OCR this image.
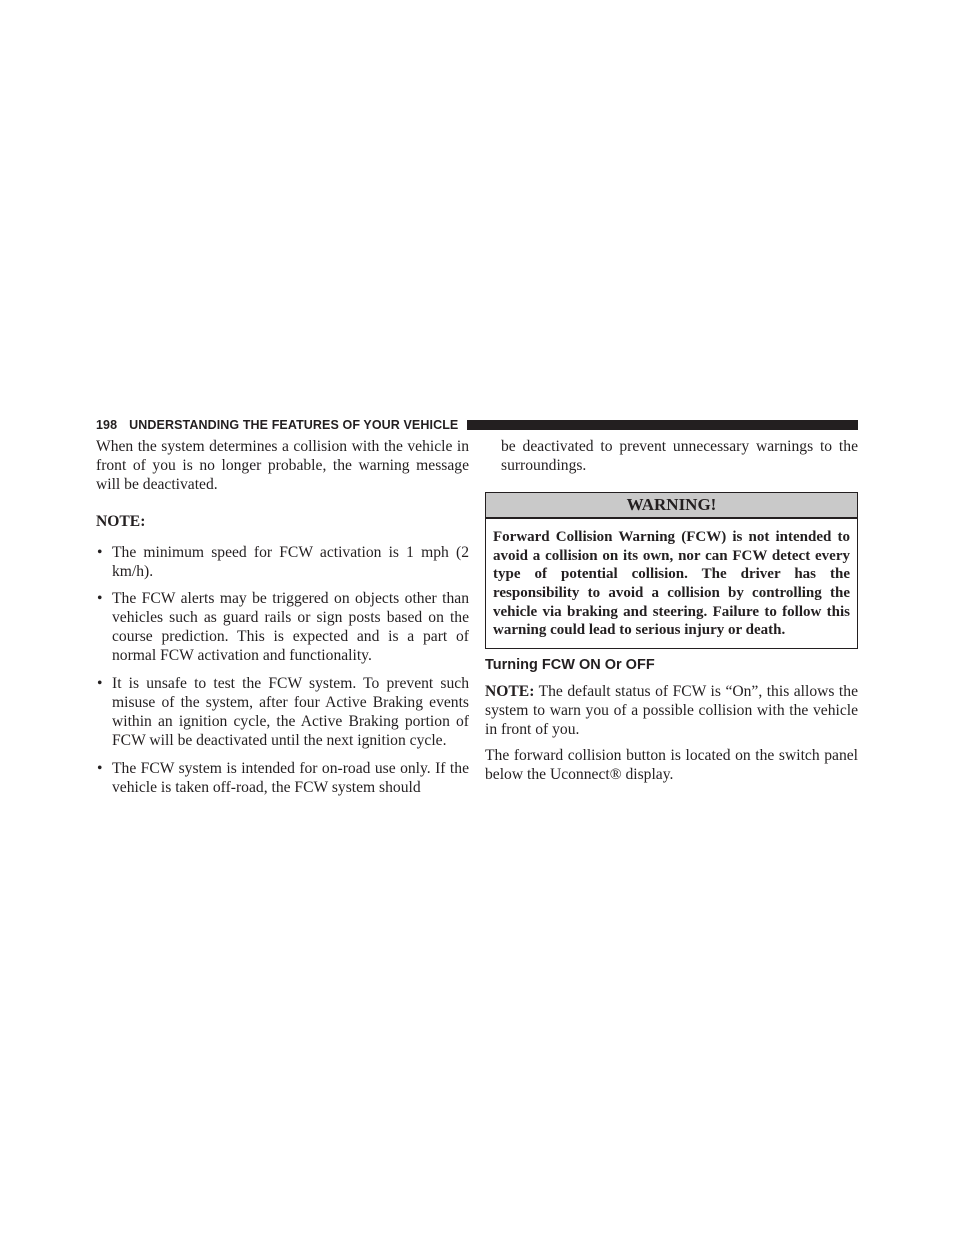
198 UNDERSTANDING THE FEATURES OF YOUR VEHICLE

When the system determines a collision with the vehicle in front of you is no longer probable, the warning message will be deactivated.

NOTE:

• The minimum speed for FCW activation is 1 mph (2 km/h).
• The FCW alerts may be triggered on objects other than vehicles such as guard rails or sign posts based on the course prediction. This is expected and is a part of normal FCW activation and functionality.
• It is unsafe to test the FCW system. To prevent such misuse of the system, after four Active Braking events within an ignition cycle, the Active Braking portion of FCW will be deactivated until the next ignition cycle.
• The FCW system is intended for on-road use only. If the vehicle is taken off-road, the FCW system should

be deactivated to prevent unnecessary warnings to the surroundings.

WARNING!
Forward Collision Warning (FCW) is not intended to avoid a collision on its own, nor can FCW detect every type of potential collision. The driver has the responsibility to avoid a collision by controlling the vehicle via braking and steering. Failure to follow this warning could lead to serious injury or death.
Turning FCW ON Or OFF

NOTE: The default status of FCW is “On”, this allows the system to warn you of a possible collision with the vehicle in front of you.

The forward collision button is located on the switch panel below the Uconnect® display.
